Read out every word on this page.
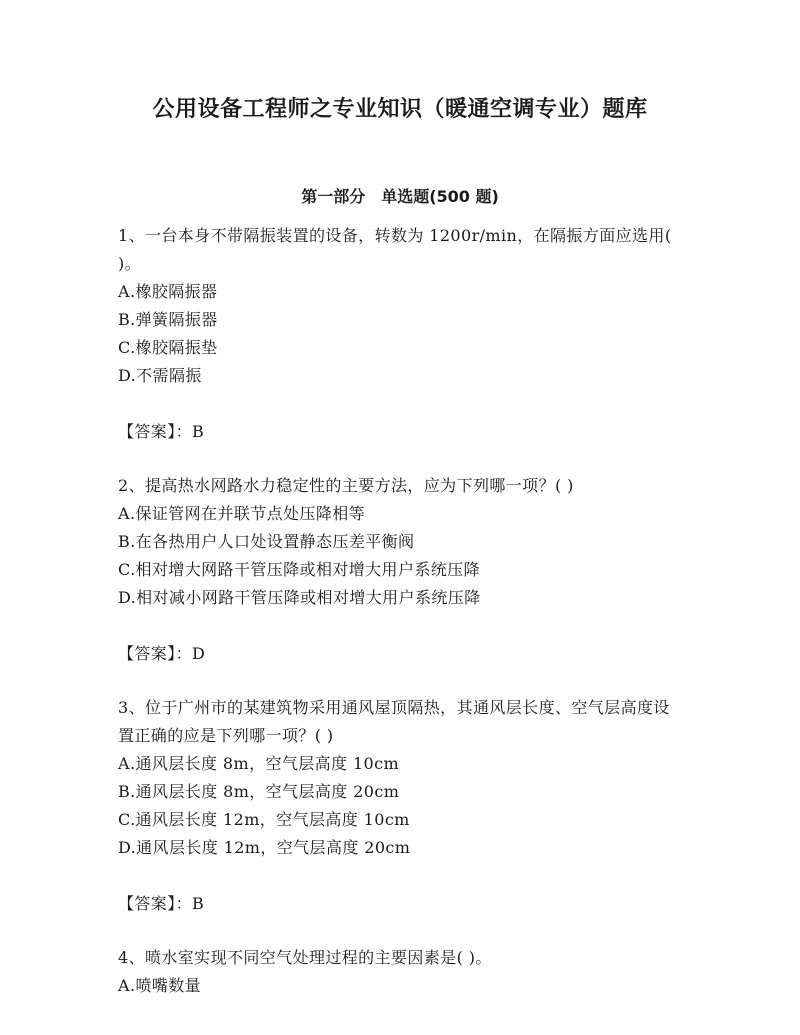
公用设备工程师之专业知识（暖通空调专业）题库
第一部分　单选题(500 题)
1、一台本身不带隔振装置的设备，转数为 1200r/min，在隔振方面应选用( )。
A.橡胶隔振器
B.弹簧隔振器
C.橡胶隔振垫
D.不需隔振
【答案】：B
2、提高热水网路水力稳定性的主要方法，应为下列哪一项？( )
A.保证管网在并联节点处压降相等
B.在各热用户人口处设置静态压差平衡阀
C.相对增大网路干管压降或相对增大用户系统压降
D.相对减小网路干管压降或相对增大用户系统压降
【答案】：D
3、位于广州市的某建筑物采用通风屋顶隔热，其通风层长度、空气层高度设置正确的应是下列哪一项？( )
A.通风层长度 8m，空气层高度 10cm
B.通风层长度 8m，空气层高度 20cm
C.通风层长度 12m，空气层高度 10cm
D.通风层长度 12m，空气层高度 20cm
【答案】：B
4、喷水室实现不同空气处理过程的主要因素是( )。
A.喷嘴数量
